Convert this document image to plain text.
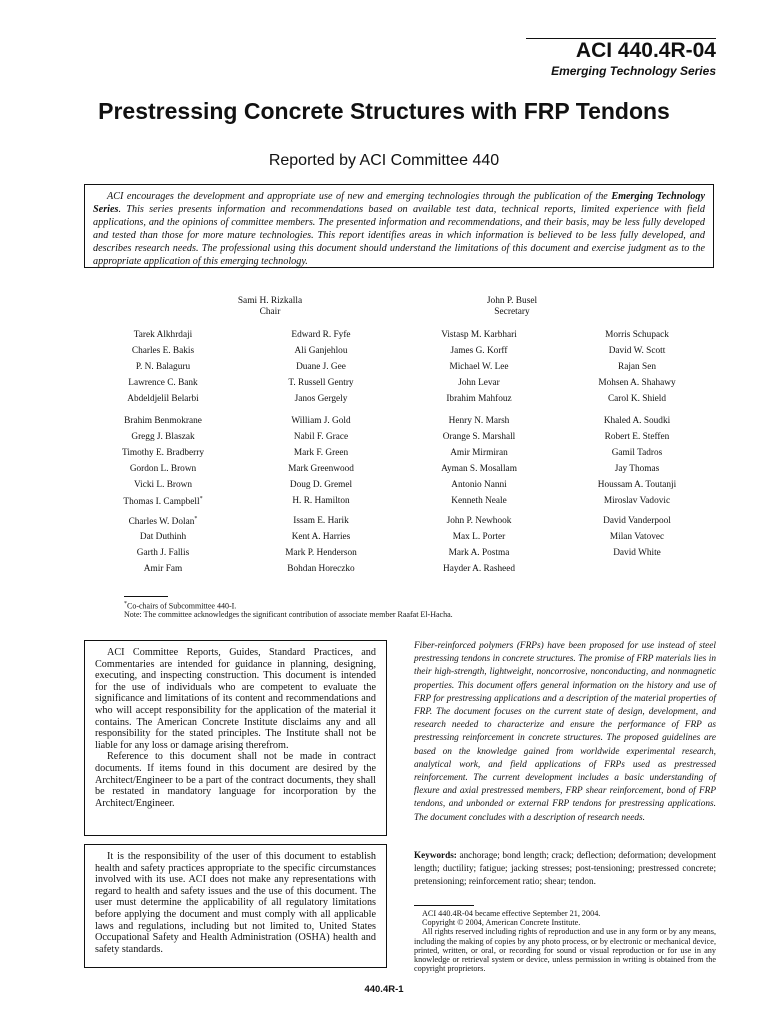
ACI 440.4R-04
Emerging Technology Series
Prestressing Concrete Structures with FRP Tendons
Reported by ACI Committee 440
ACI encourages the development and appropriate use of new and emerging technologies through the publication of the Emerging Technology Series. This series presents information and recommendations based on available test data, technical reports, limited experience with field applications, and the opinions of committee members. The presented information and recommendations, and their basis, may be less fully developed and tested than those for more mature technologies. This report identifies areas in which information is believed to be less fully developed, and describes research needs. The professional using this document should understand the limitations of this document and exercise judgment as to the appropriate application of this emerging technology.
Sami H. Rizkalla
Chair
John P. Busel
Secretary
Tarek Alkhrdaji
Charles E. Bakis
P. N. Balaguru
Lawrence C. Bank
Abdeldjelil Belarbi
Brahim Benmokrane
Gregg J. Blaszak
Timothy E. Bradberry
Gordon L. Brown
Vicki L. Brown
Thomas I. Campbell*
Charles W. Dolan*
Dat Duthinh
Garth J. Fallis
Amir Fam
Edward R. Fyfe
Ali Ganjehlou
Duane J. Gee
T. Russell Gentry
Janos Gergely
William J. Gold
Nabil F. Grace
Mark F. Green
Mark Greenwood
Doug D. Gremel
H. R. Hamilton
Issam E. Harik
Kent A. Harries
Mark P. Henderson
Bohdan Horeczko
Vistasp M. Karbhari
James G. Korff
Michael W. Lee
John Levar
Ibrahim Mahfouz
Henry N. Marsh
Orange S. Marshall
Amir Mirmiran
Ayman S. Mosallam
Antonio Nanni
Kenneth Neale
John P. Newhook
Max L. Porter
Mark A. Postma
Hayder A. Rasheed
Morris Schupack
David W. Scott
Rajan Sen
Mohsen A. Shahawy
Carol K. Shield
Khaled A. Soudki
Robert E. Steffen
Gamil Tadros
Jay Thomas
Houssam A. Toutanji
Miroslav Vadovic
David Vanderpool
Milan Vatovec
David White
*Co-chairs of Subcommittee 440-I.
Note: The committee acknowledges the significant contribution of associate member Raafat El-Hacha.

ACI Committee Reports, Guides, Standard Practices, and Commentaries are intended for guidance in planning, designing, executing, and inspecting construction. This document is intended for the use of individuals who are competent to evaluate the significance and limitations of its content and recommendations and who will accept responsibility for the application of the material it contains. The American Concrete Institute disclaims any and all responsibility for the stated principles. The Institute shall not be liable for any loss or damage arising therefrom.

Reference to this document shall not be made in contract documents. If items found in this document are desired by the Architect/Engineer to be a part of the contract documents, they shall be restated in mandatory language for incorporation by the Architect/Engineer.

It is the responsibility of the user of this document to establish health and safety practices appropriate to the specific circumstances involved with its use. ACI does not make any representations with regard to health and safety issues and the use of this document. The user must determine the applicability of all regulatory limitations before applying the document and must comply with all applicable laws and regulations, including but not limited to, United States Occupational Safety and Health Administration (OSHA) health and safety standards.

Fiber-reinforced polymers (FRPs) have been proposed for use instead of steel prestressing tendons in concrete structures. The promise of FRP materials lies in their high-strength, lightweight, noncorrosive, nonconducting, and nonmagnetic properties. This document offers general information on the history and use of FRP for prestressing applications and a description of the material properties of FRP. The document focuses on the current state of design, development, and research needed to characterize and ensure the performance of FRP as prestressing reinforcement in concrete structures. The proposed guidelines are based on the knowledge gained from worldwide experimental research, analytical work, and field applications of FRPs used as prestressed reinforcement. The current development includes a basic understanding of flexure and axial prestressed members, FRP shear reinforcement, bond of FRP tendons, and unbonded or external FRP tendons for prestressing applications. The document concludes with a description of research needs.
Keywords: anchorage; bond length; crack; deflection; deformation; development length; ductility; fatigue; jacking stresses; post-tensioning; prestressed concrete; pretensioning; reinforcement ratio; shear; tendon.

ACI 440.4R-04 became effective September 21, 2004.

Copyright © 2004, American Concrete Institute.

All rights reserved including rights of reproduction and use in any form or by any means, including the making of copies by any photo process, or by electronic or mechanical device, printed, written, or oral, or recording for sound or visual reproduction or for use in any knowledge or retrieval system or device, unless permission in writing is obtained from the copyright proprietors.

440.4R-1
